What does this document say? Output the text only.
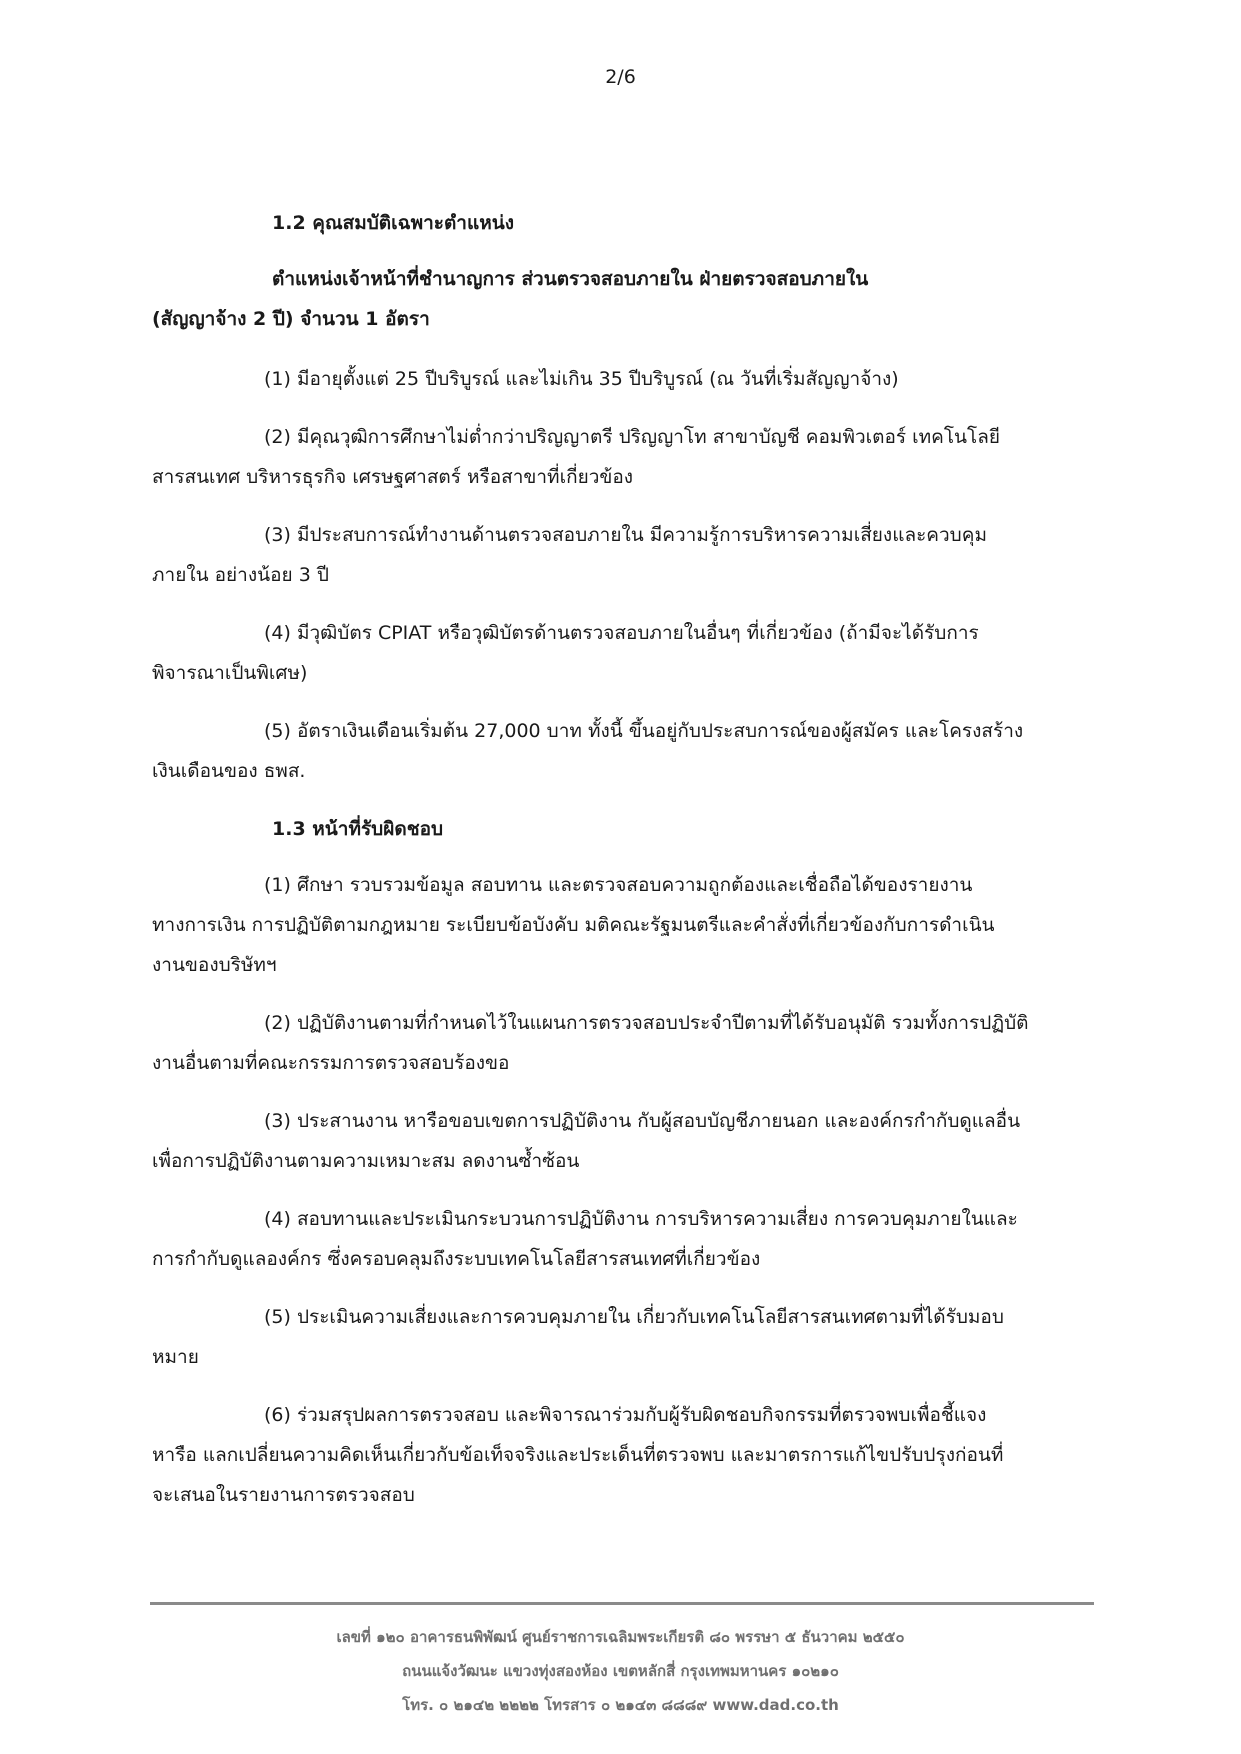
2/6

1.2 คุณสมบัติเฉพาะตำแหน่ง

ตำแหน่งเจ้าหน้าที่ชำนาญการ ส่วนตรวจสอบภายใน ฝ่ายตรวจสอบภายใน
(สัญญาจ้าง 2 ปี) จำนวน 1 อัตรา

(1) มีอายุตั้งแต่ 25 ปีบริบูรณ์ และไม่เกิน 35 ปีบริบูรณ์ (ณ วันที่เริ่มสัญญาจ้าง)
(2) มีคุณวุฒิการศึกษาไม่ต่ำกว่าปริญญาตรี ปริญญาโท สาขาบัญชี คอมพิวเตอร์ เทคโนโลยี
สารสนเทศ บริหารธุรกิจ เศรษฐศาสตร์ หรือสาขาที่เกี่ยวข้อง
(3) มีประสบการณ์ทำงานด้านตรวจสอบภายใน มีความรู้การบริหารความเสี่ยงและควบคุม
ภายใน อย่างน้อย 3 ปี
(4) มีวุฒิบัตร CPIAT หรือวุฒิบัตรด้านตรวจสอบภายในอื่นๆ ที่เกี่ยวข้อง (ถ้ามีจะได้รับการ
พิจารณาเป็นพิเศษ)
(5) อัตราเงินเดือนเริ่มต้น 27,000 บาท ทั้งนี้ ขึ้นอยู่กับประสบการณ์ของผู้สมัคร และโครงสร้าง
เงินเดือนของ ธพส.

1.3 หน้าที่รับผิดชอบ

(1) ศึกษา รวบรวมข้อมูล สอบทาน และตรวจสอบความถูกต้องและเชื่อถือได้ของรายงาน
ทางการเงิน การปฏิบัติตามกฎหมาย ระเบียบข้อบังคับ มติคณะรัฐมนตรีและคำสั่งที่เกี่ยวข้องกับการดำเนิน
งานของบริษัทฯ
(2) ปฏิบัติงานตามที่กำหนดไว้ในแผนการตรวจสอบประจำปีตามที่ได้รับอนุมัติ รวมทั้งการปฏิบัติ
งานอื่นตามที่คณะกรรมการตรวจสอบร้องขอ
(3) ประสานงาน หารือขอบเขตการปฏิบัติงาน กับผู้สอบบัญชีภายนอก และองค์กรกำกับดูแลอื่น
เพื่อการปฏิบัติงานตามความเหมาะสม ลดงานซ้ำซ้อน
(4) สอบทานและประเมินกระบวนการปฏิบัติงาน การบริหารความเสี่ยง การควบคุมภายในและ
การกำกับดูแลองค์กร ซึ่งครอบคลุมถึงระบบเทคโนโลยีสารสนเทศที่เกี่ยวข้อง
(5) ประเมินความเสี่ยงและการควบคุมภายใน เกี่ยวกับเทคโนโลยีสารสนเทศตามที่ได้รับมอบ
หมาย
(6) ร่วมสรุปผลการตรวจสอบ และพิจารณาร่วมกับผู้รับผิดชอบกิจกรรมที่ตรวจพบเพื่อชี้แจง
หารือ แลกเปลี่ยนความคิดเห็นเกี่ยวกับข้อเท็จจริงและประเด็นที่ตรวจพบ และมาตรการแก้ไขปรับปรุงก่อนที่
จะเสนอในรายงานการตรวจสอบ
เลขที่ ๑๒๐ อาคารธนพิพัฒน์ ศูนย์ราชการเฉลิมพระเกียรติ ๘๐ พรรษา ๕ ธันวาคม ๒๕๕๐
ถนนแจ้งวัฒนะ แขวงทุ่งสองห้อง เขตหลักสี่ กรุงเทพมหานคร ๑๐๒๑๐
โทร. ๐ ๒๑๔๒ ๒๒๒๒ โทรสาร ๐ ๒๑๔๓ ๘๘๘๙ www.dad.co.th
